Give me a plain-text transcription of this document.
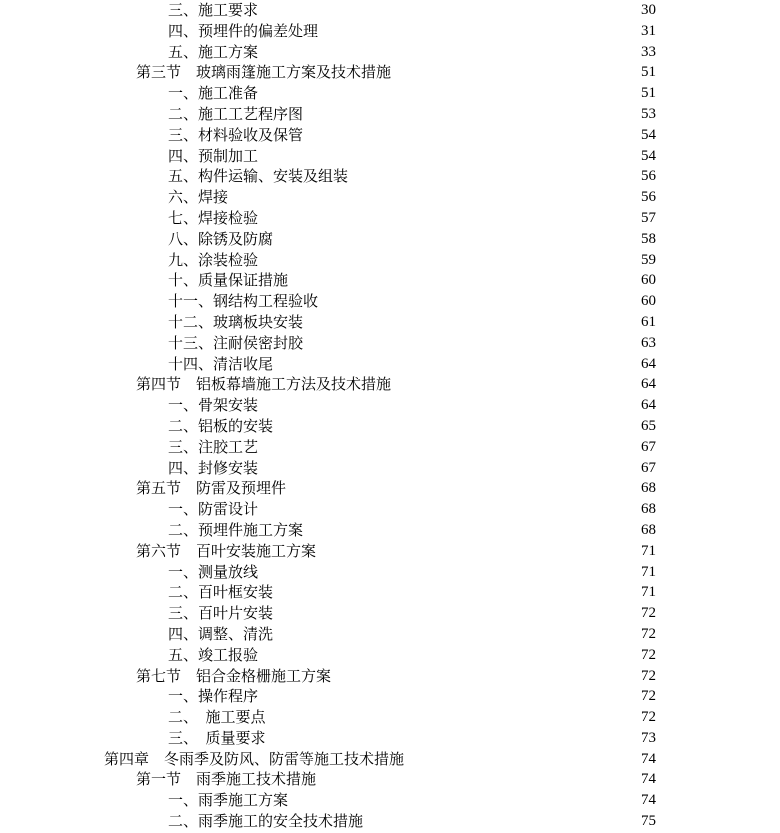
三、施工要求	30
四、预埋件的偏差处理	31
五、施工方案	33
第三节　玻璃雨篷施工方案及技术措施	51
一、施工准备	51
二、施工工艺程序图	53
三、材料验收及保管	54
四、预制加工	54
五、构件运输、安装及组装	56
六、焊接	56
七、焊接检验	57
八、除锈及防腐	58
九、涂装检验	59
十、质量保证措施	60
十一、钢结构工程验收	60
十二、玻璃板块安装	61
十三、注耐侯密封胶	63
十四、清洁收尾	64
第四节　铝板幕墙施工方法及技术措施	64
一、骨架安装	64
二、铝板的安装	65
三、注胶工艺	67
四、封修安装	67
第五节　防雷及预埋件	68
一、防雷设计	68
二、预埋件施工方案	68
第六节　百叶安装施工方案	71
一、测量放线	71
二、百叶框安装	71
三、百叶片安装	72
四、调整、清洗	72
五、竣工报验	72
第七节　铝合金格栅施工方案	72
一、操作程序	72
二、　施工要点	72
三、　质量要求	73
第四章　冬雨季及防风、防雷等施工技术措施	74
第一节　雨季施工技术措施	74
一、雨季施工方案	74
二、雨季施工的安全技术措施	75
